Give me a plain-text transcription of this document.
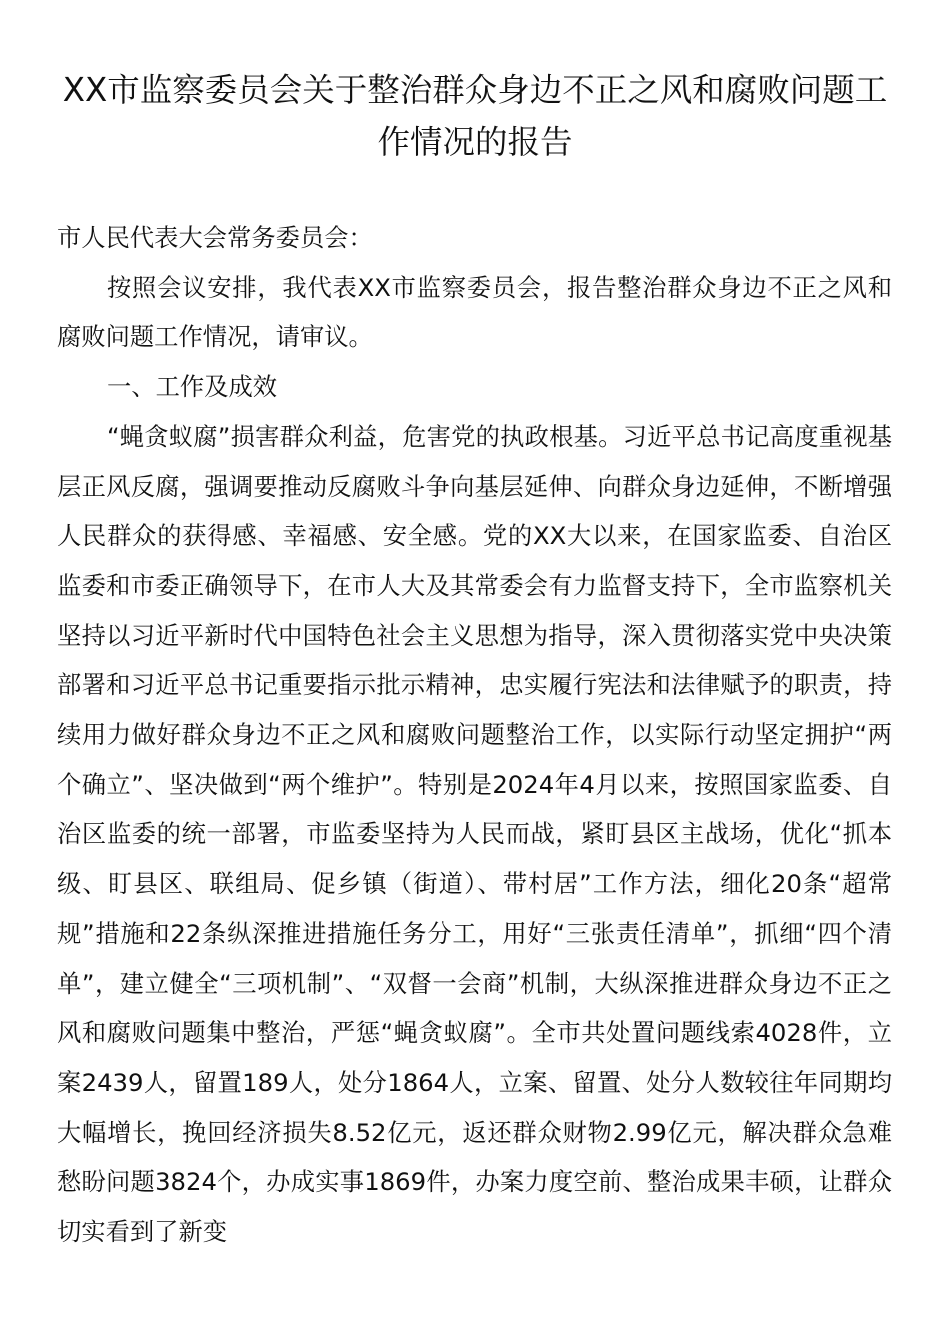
XX市监察委员会关于整治群众身边不正之风和腐败问题工作情况的报告

市人民代表大会常务委员会：

按照会议安排，我代表XX市监察委员会，报告整治群众身边不正之风和腐败问题工作情况，请审议。

一、工作及成效

“蝇贪蚁腐”损害群众利益，危害党的执政根基。习近平总书记高度重视基层正风反腐，强调要推动反腐败斗争向基层延伸、向群众身边延伸，不断增强人民群众的获得感、幸福感、安全感。党的XX大以来，在国家监委、自治区监委和市委正确领导下，在市人大及其常委会有力监督支持下，全市监察机关坚持以习近平新时代中国特色社会主义思想为指导，深入贯彻落实党中央决策部署和习近平总书记重要指示批示精神，忠实履行宪法和法律赋予的职责，持续用力做好群众身边不正之风和腐败问题整治工作，以实际行动坚定拥护“两个确立”、坚决做到“两个维护”。特别是2024年4月以来，按照国家监委、自治区监委的统一部署，市监委坚持为人民而战，紧盯县区主战场，优化“抓本级、盯县区、联组局、促乡镇（街道）、带村居”工作方法，细化20条“超常规”措施和22条纵深推进措施任务分工，用好“三张责任清单”，抓细“四个清单”，建立健全“三项机制”、“双督一会商”机制，大纵深推进群众身边不正之风和腐败问题集中整治，严惩“蝇贪蚁腐”。全市共处置问题线索4028件，立案2439人，留置189人，处分1864人，立案、留置、处分人数较往年同期均大幅增长，挽回经济损失8.52亿元，返还群众财物2.99亿元，解决群众急难愁盼问题3824个，办成实事1869件，办案力度空前、整治成果丰硕，让群众切实看到了新变
